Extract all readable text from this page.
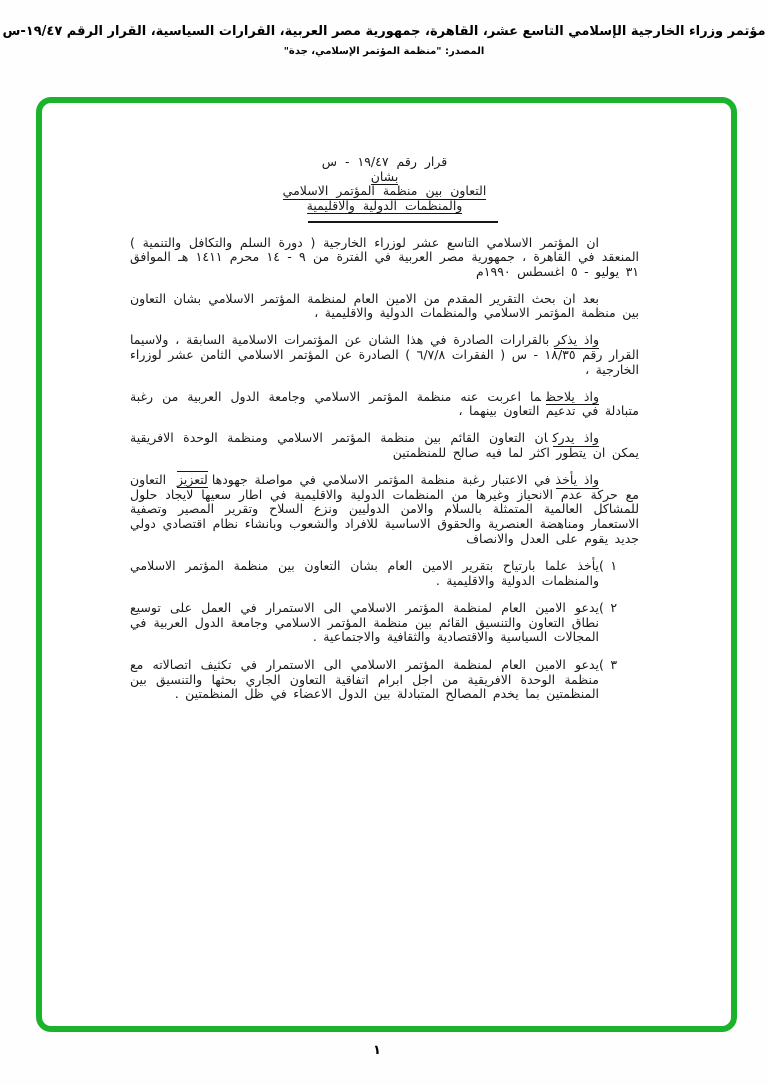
مؤتمر وزراء الخارجية الإسلامي التاسع عشر، القاهرة، جمهورية مصر العربية، القرارات السياسية، القرار الرقم ١٩/٤٧-س
المصدر: "منظمة المؤتمر الإسلامي، جدة"
قرار رقم ١٩/٤٧ - س
بشان
التعاون بين منظمة المؤتمر الاسلامي
والمنظمات الدولية والاقليمية

ان المؤتمر الاسلامي التاسع عشر لوزراء الخارجية ( دورة السلم والتكافل والتنمية ) المنعقد في القاهرة ، جمهورية مصر العربية في الفترة من ٩ - ١٤ محرم ١٤١١ هـ الموافق ٣١ يوليو - ٥ اغسطس ١٩٩٠م

بعد ان بحث التقرير المقدم من الامين العام لمنظمة المؤتمر الاسلامي بشان التعاون بين منظمة المؤتمر الاسلامي والمنظمات الدولية والاقليمية ،

واذ يذكربالقرارات الصادرة في هذا الشان عن المؤتمرات الاسلامية السابقة ، ولاسيما القرار رقم ١٨/٣٥ - س ( الفقرات ٦/٧/٨ ) الصادرة عن المؤتمر الاسلامي الثامن عشر لوزراء الخارجية ،

واذ يلاحظما اعربت عنه منظمة المؤتمر الاسلامي وجامعة الدول العربية من رغبة متبادلة في تدعيم التعاون بينهما ،

واذ يدركان التعاون القائم بين منظمة المؤتمر الاسلامي ومنظمة الوحدة الافريقية يمكن ان يتطور اكثر لما فيه صالح للمنظمتين

واذ يأخذفي الاعتبار رغبة منظمة المؤتمر الاسلامي في مواصلة جهودهالتعزيز التعاون مع حركة عدم الانحياز وغيرها من المنظمات الدولية والاقليمية في اطار سعيها لايجاد حلول للمشاكل العالمية المتمثلة بالسلام والامن الدوليين ونزع السلاح وتقرير المصير وتصفية الاستعمار ومناهضة العنصرية والحقوق الاساسية للافراد والشعوب وبانشاء نظام اقتصادي دولي جديد يقوم على العدل والانصاف

( ١
يأخذ علما بارتياح بتقرير الامين العام بشان التعاون بين منظمة المؤتمر الاسلامي والمنظمات الدولية والاقليمية .
( ٢
يدعو الامين العام لمنظمة المؤتمر الاسلامي الى الاستمرار في العمل على توسيع نطاق التعاون والتنسيق القائم بين منظمة المؤتمر الاسلامي وجامعة الدول العربية في المجالات السياسية والاقتصادية والثقافية والاجتماعية .
( ٣
يدعو الامين العام لمنظمة المؤتمر الاسلامي الى الاستمرار في تكثيف اتصالاته مع منظمة الوحدة الافريقية من اجل ابرام اتفاقية التعاون الجاري بحثها والتنسيق بين المنظمتين بما يخدم المصالح المتبادلة بين الدول الاعضاء في ظل المنظمتين .
١
